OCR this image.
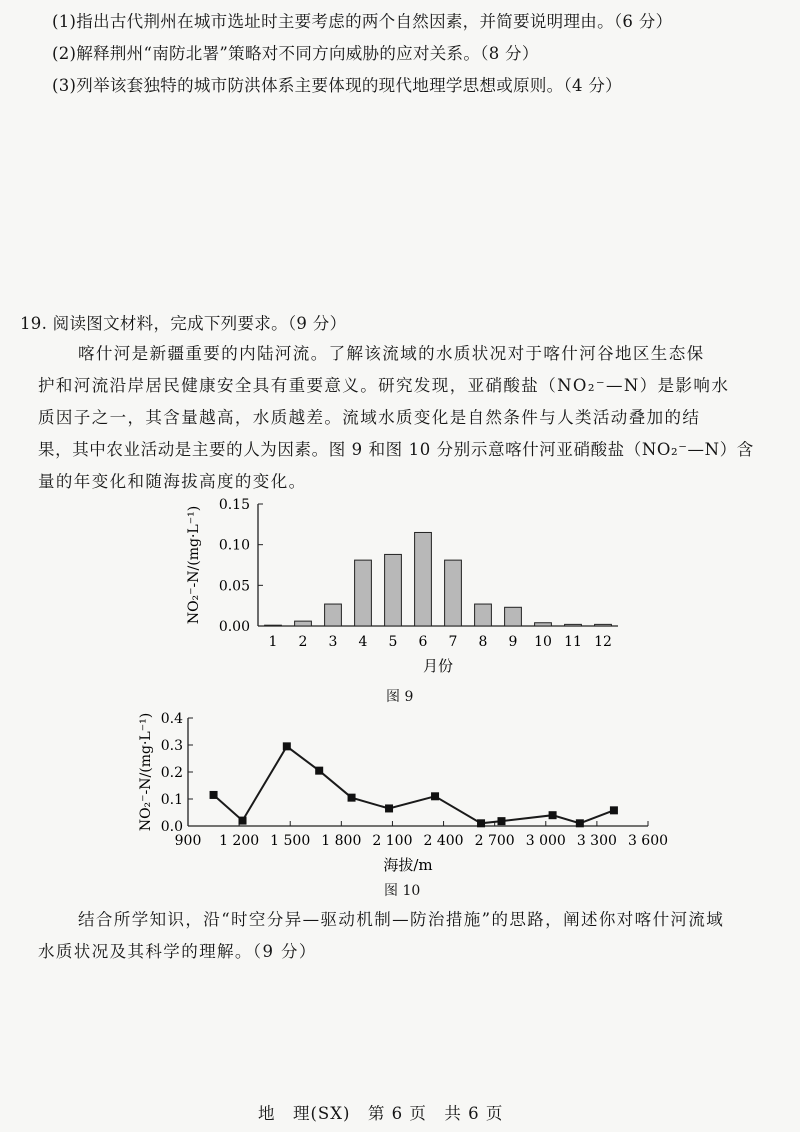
(1)指出古代荆州在城市选址时主要考虑的两个自然因素，并简要说明理由。（6 分）
(2)解释荆州“南防北署”策略对不同方向威胁的应对关系。（8 分）
(3)列举该套独特的城市防洪体系主要体现的现代地理学思想或原则。（4 分）
19. 阅读图文材料，完成下列要求。（9 分）
喀什河是新疆重要的内陆河流。了解该流域的水质状况对于喀什河谷地区生态保
护和河流沿岸居民健康安全具有重要意义。研究发现，亚硝酸盐（NO₂⁻—N）是影响水
质因子之一，其含量越高，水质越差。流域水质变化是自然条件与人类活动叠加的结
果，其中农业活动是主要的人为因素。图 9 和图 10 分别示意喀什河亚硝酸盐（NO₂⁻—N）含
量的年变化和随海拔高度的变化。
0.00
0.05
0.10
0.15
1 2 3 4 5 6 7 8 9 10 11 12
月份
NO₂⁻-N/(mg·L⁻¹)
图 9
0.0
0.1
0.2
0.3
0.4
900 1 200 1 500 1 800 2 100 2 400 2 700 3 000 3 300 3 600
海拔/m
NO₂⁻-N/(mg·L⁻¹)
图 10
结合所学知识，沿“时空分异—驱动机制—防治措施”的思路，阐述你对喀什河流域
水质状况及其科学的理解。（9 分）
地　理(SX)　第 6 页　共 6 页
